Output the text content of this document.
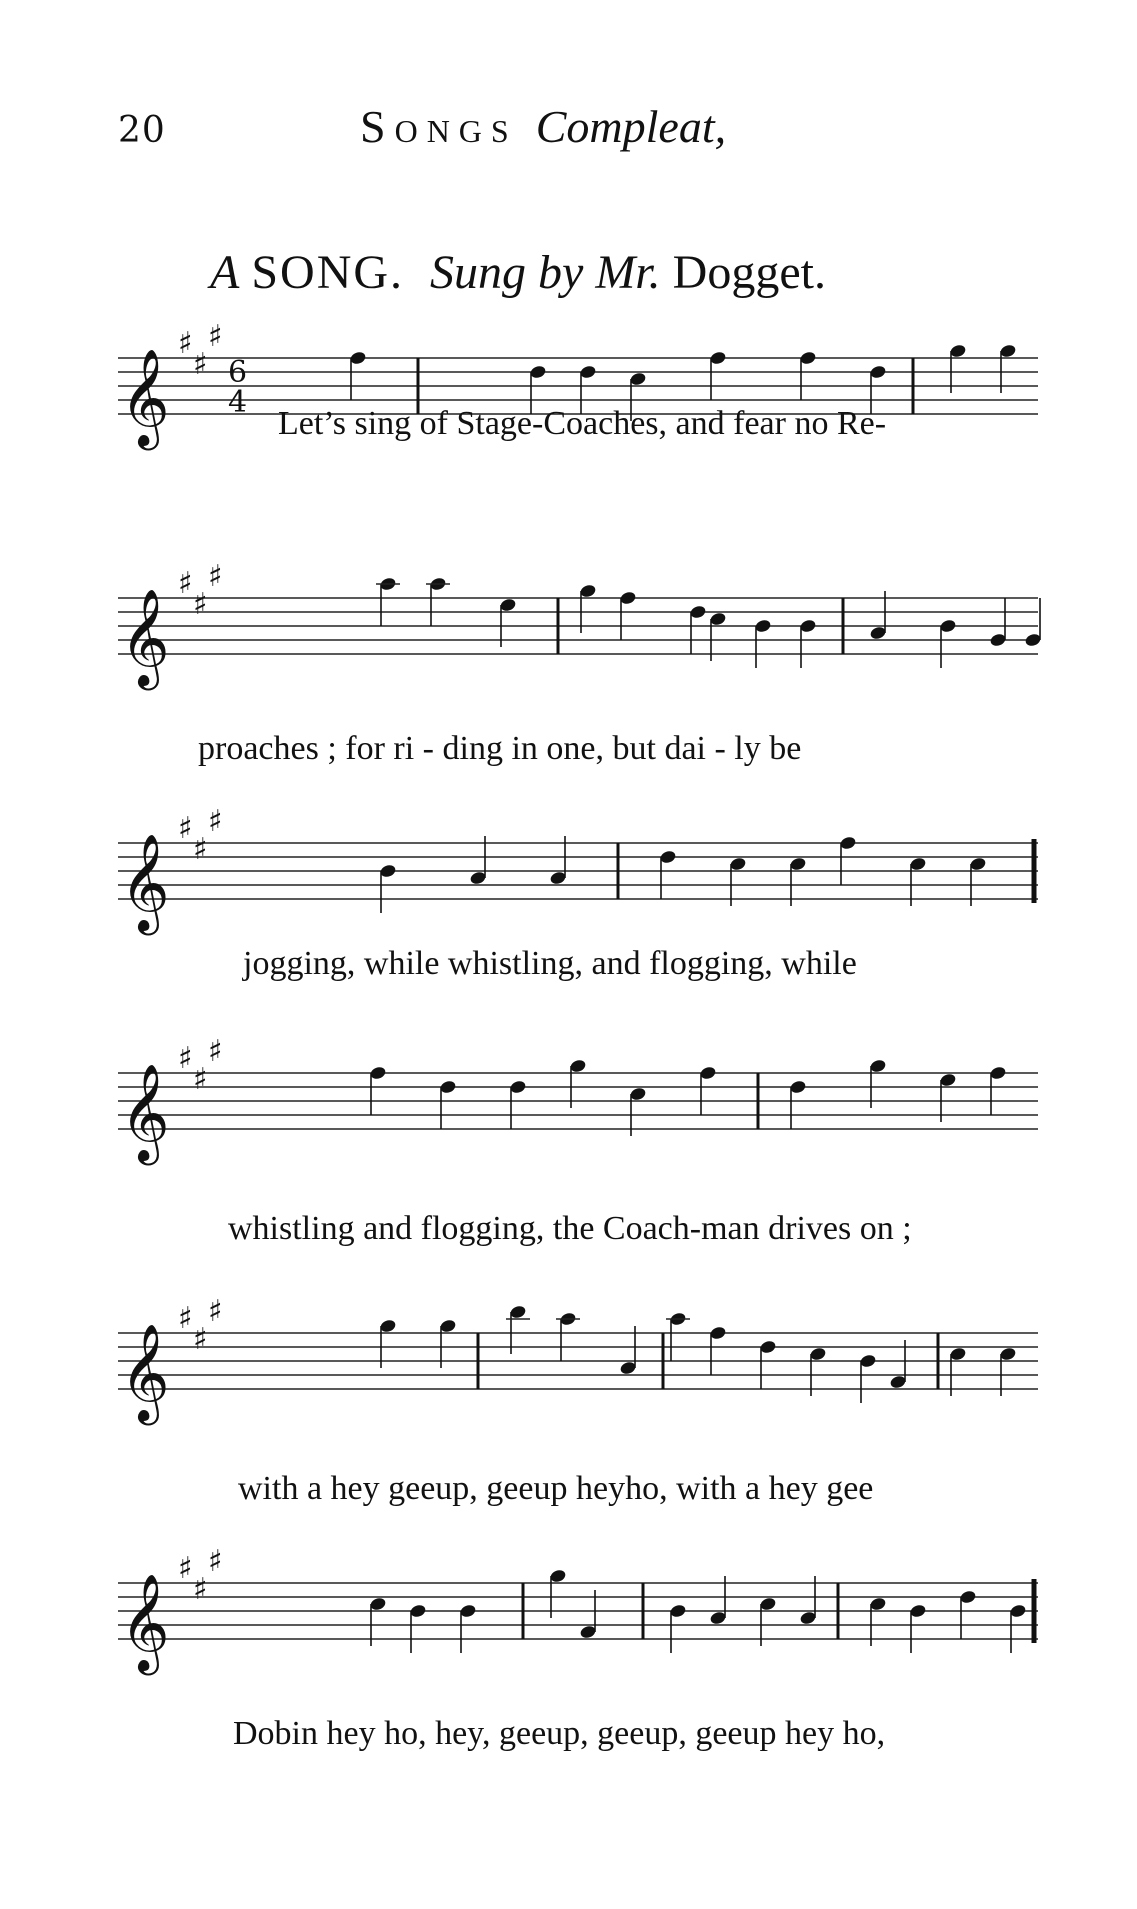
20	Songs Compleat,
A SONG. Sung by Mr. Dogget.
𝄞
♯
♯
♯
6
4
Let’s sing of Stage-Coaches, and fear no Re-
𝄞
♯
♯
♯
proaches ; for ri - ding in one, but dai - ly be
𝄞
♯
♯
♯
jogging, while whistling, and flogging, while
𝄞
♯
♯
♯
whistling and flogging, the Coach-man drives on ;
𝄞
♯
♯
♯
with a hey geeup, geeup heyho, with a hey gee
𝄞
♯
♯
♯
Dobin hey ho, hey, geeup, geeup, geeup hey ho,
